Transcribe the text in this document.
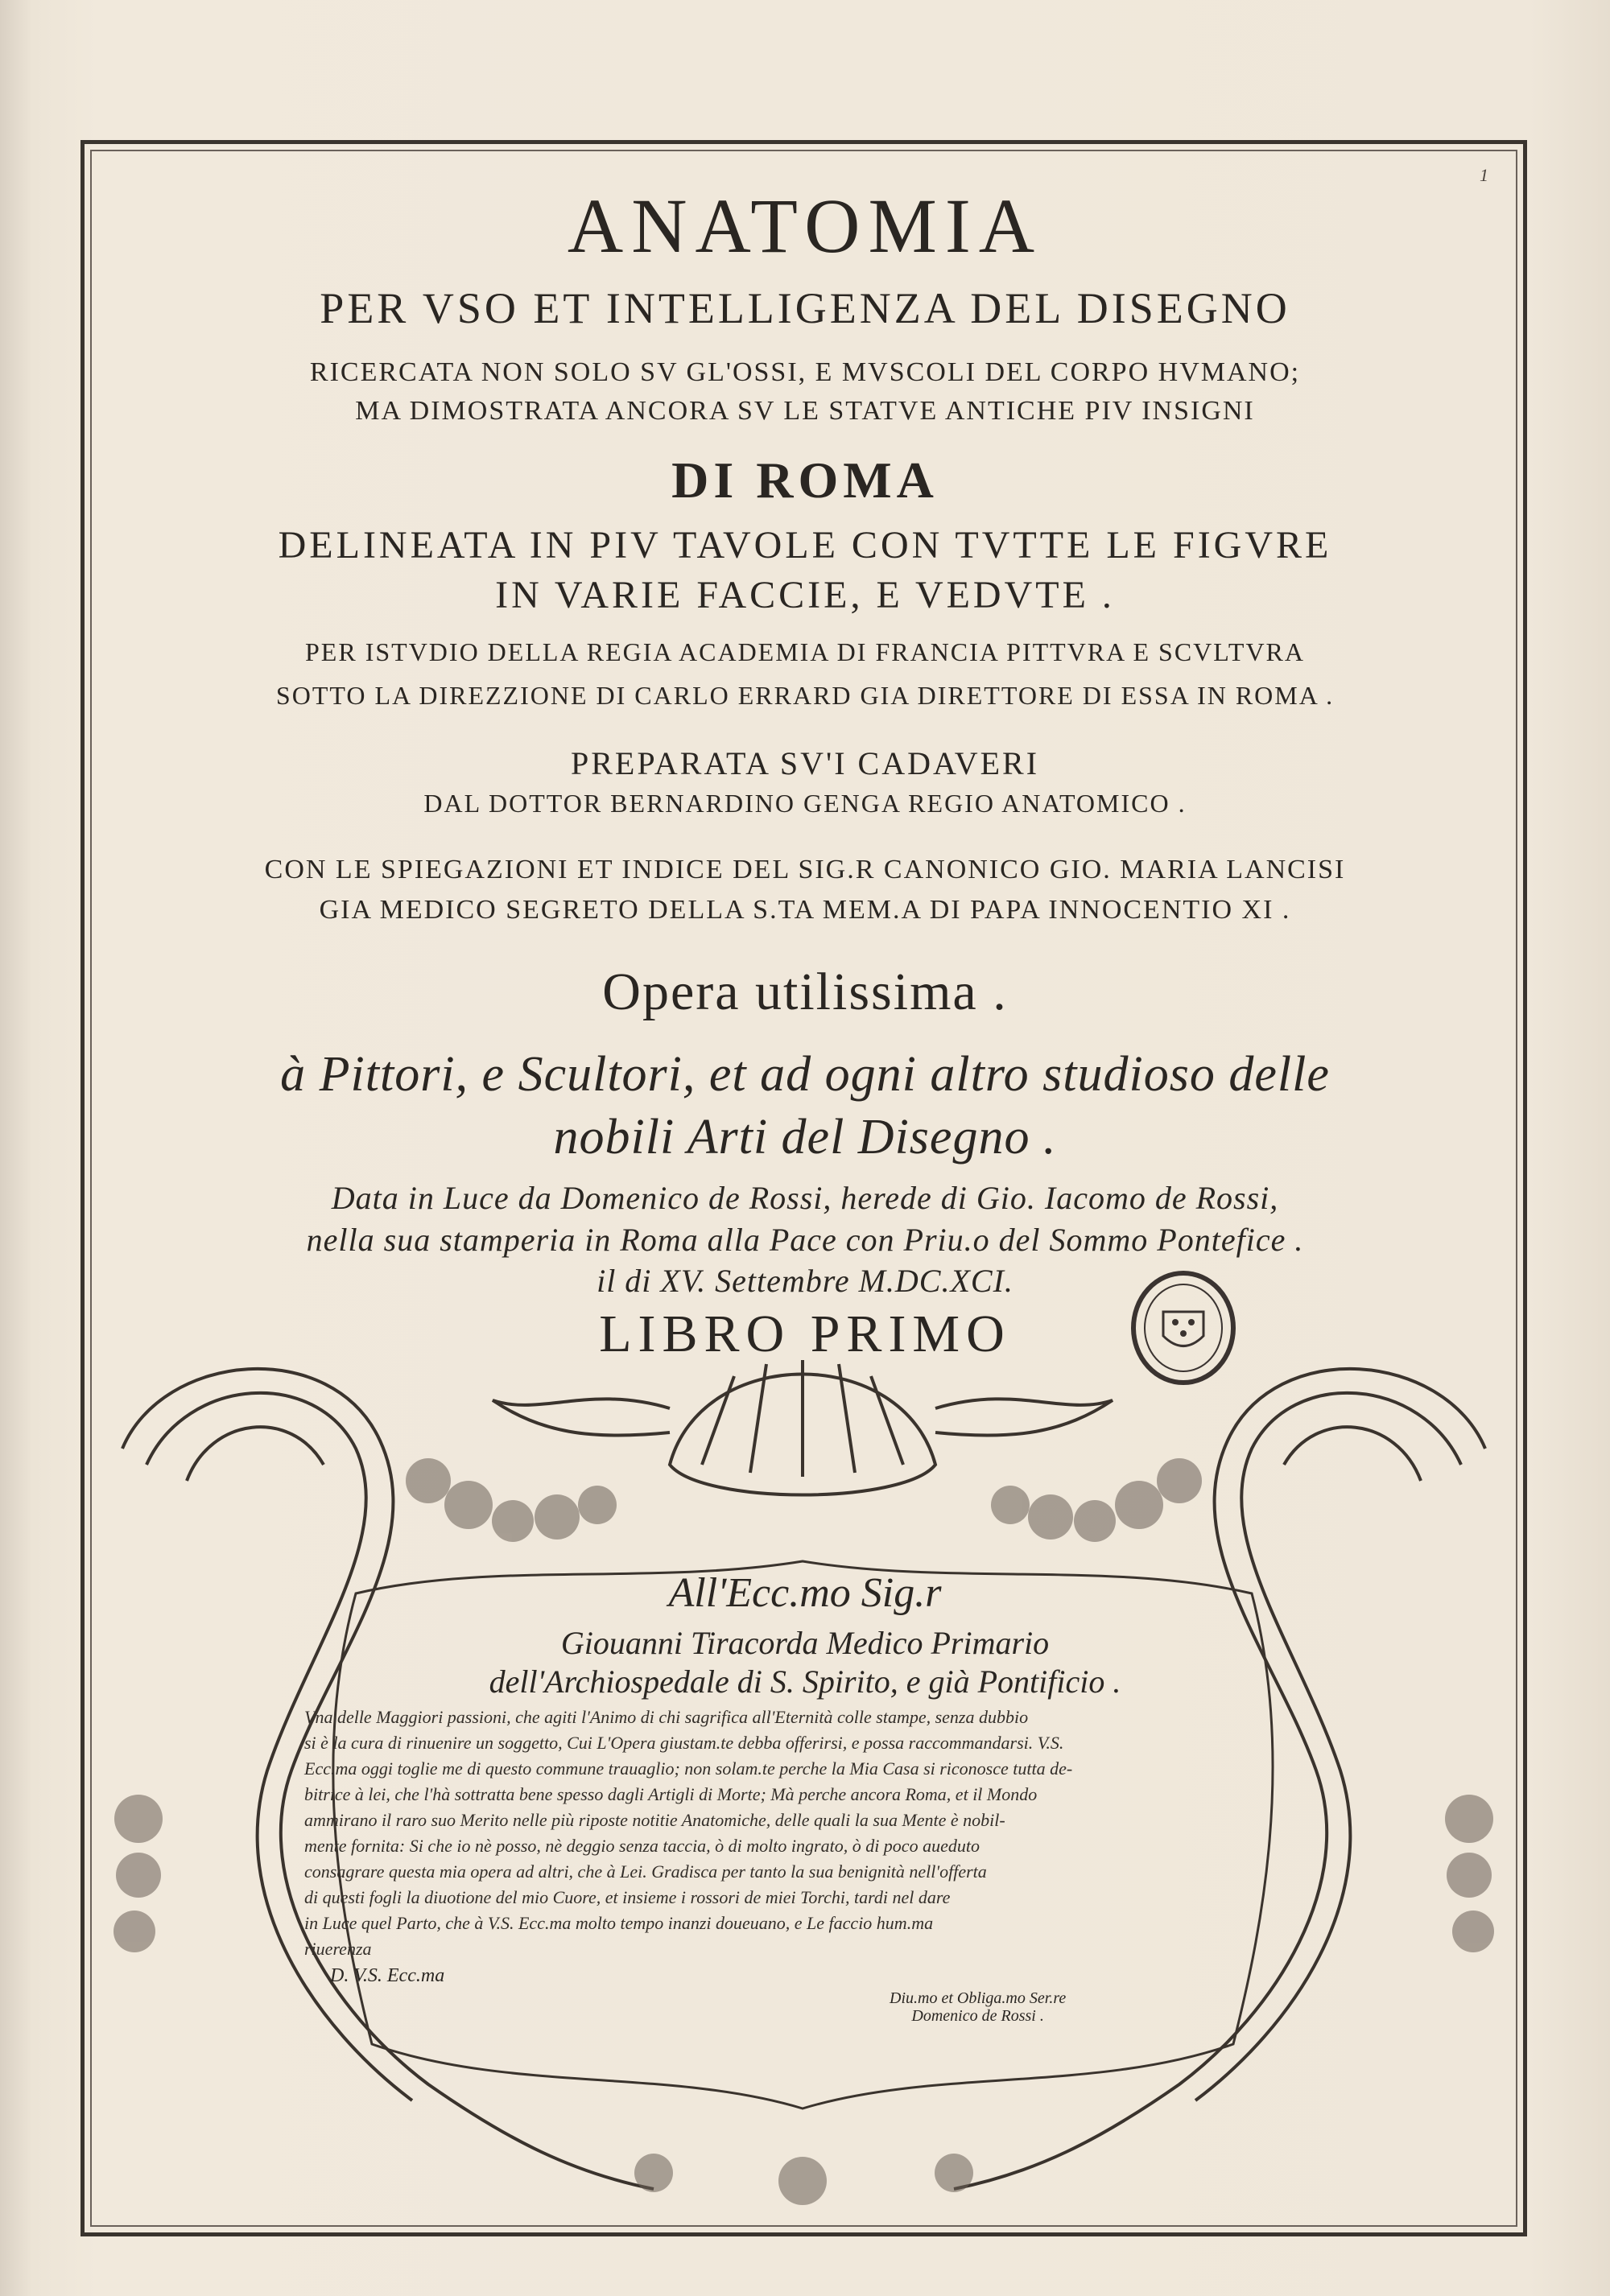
1
ANATOMIA
PER VSO ET INTELLIGENZA DEL DISEGNO
RICERCATA NON SOLO SV GL'OSSI, E MVSCOLI DEL CORPO HVMANO;
MA DIMOSTRATA ANCORA SV LE STATVE ANTICHE PIV INSIGNI
DI ROMA
DELINEATA IN PIV TAVOLE CON TVTTE LE FIGVRE
IN VARIE FACCIE, E VEDVTE .
PER ISTVDIO DELLA REGIA ACADEMIA DI FRANCIA PITTVRA E SCVLTVRA
SOTTO LA DIREZZIONE DI CARLO ERRARD GIA DIRETTORE DI ESSA IN ROMA .
PREPARATA SV'I CADAVERI
DAL DOTTOR BERNARDINO GENGA REGIO ANATOMICO .
CON LE SPIEGAZIONI ET INDICE DEL SIG.R CANONICO GIO. MARIA LANCISI
GIA MEDICO SEGRETO DELLA S.TA MEM.A DI PAPA INNOCENTIO XI .
Opera utilissima .
à Pittori, e Scultori, et ad ogni altro studioso delle
nobili Arti del Disegno .
Data in Luce da Domenico de Rossi, herede di Gio. Iacomo de Rossi,
nella sua stamperia in Roma alla Pace con Priu.o del Sommo Pontefice .
il di XV. Settembre M.DC.XCI.
LIBRO PRIMO
All'Ecc.mo Sig.r
Giouanni Tiracorda Medico Primario
dell'Archiospedale di S. Spirito, e già Pontificio .
Vna delle Maggiori passioni, che agiti l'Animo di chi sagrifica all'Eternità colle stampe, senza dubbio
si è la cura di rinuenire un soggetto, Cui L'Opera giustam.te debba offerirsi, e possa raccommandarsi. V.S.
Ecc.ma oggi toglie me di questo commune trauaglio; non solam.te perche la Mia Casa si riconosce tutta de-
bitrice à lei, che l'hà sottratta bene spesso dagli Artigli di Morte; Mà perche ancora Roma, et il Mondo
ammirano il raro suo Merito nelle più riposte notitie Anatomiche, delle quali la sua Mente è nobil-
mente fornita: Si che io nè posso, nè deggio senza taccia, ò di molto ingrato, ò di poco aueduto
consagrare questa mia opera ad altri, che à Lei. Gradisca per tanto la sua benignità nell'offerta
di questi fogli la diuotione del mio Cuore, et insieme i rossori de miei Torchi, tardi nel dare
in Luce quel Parto, che à V.S. Ecc.ma molto tempo inanzi doueuano, e Le faccio hum.ma
riuerenza
D. V.S. Ecc.ma
Diu.mo et Obliga.mo Ser.re
Domenico de Rossi .
